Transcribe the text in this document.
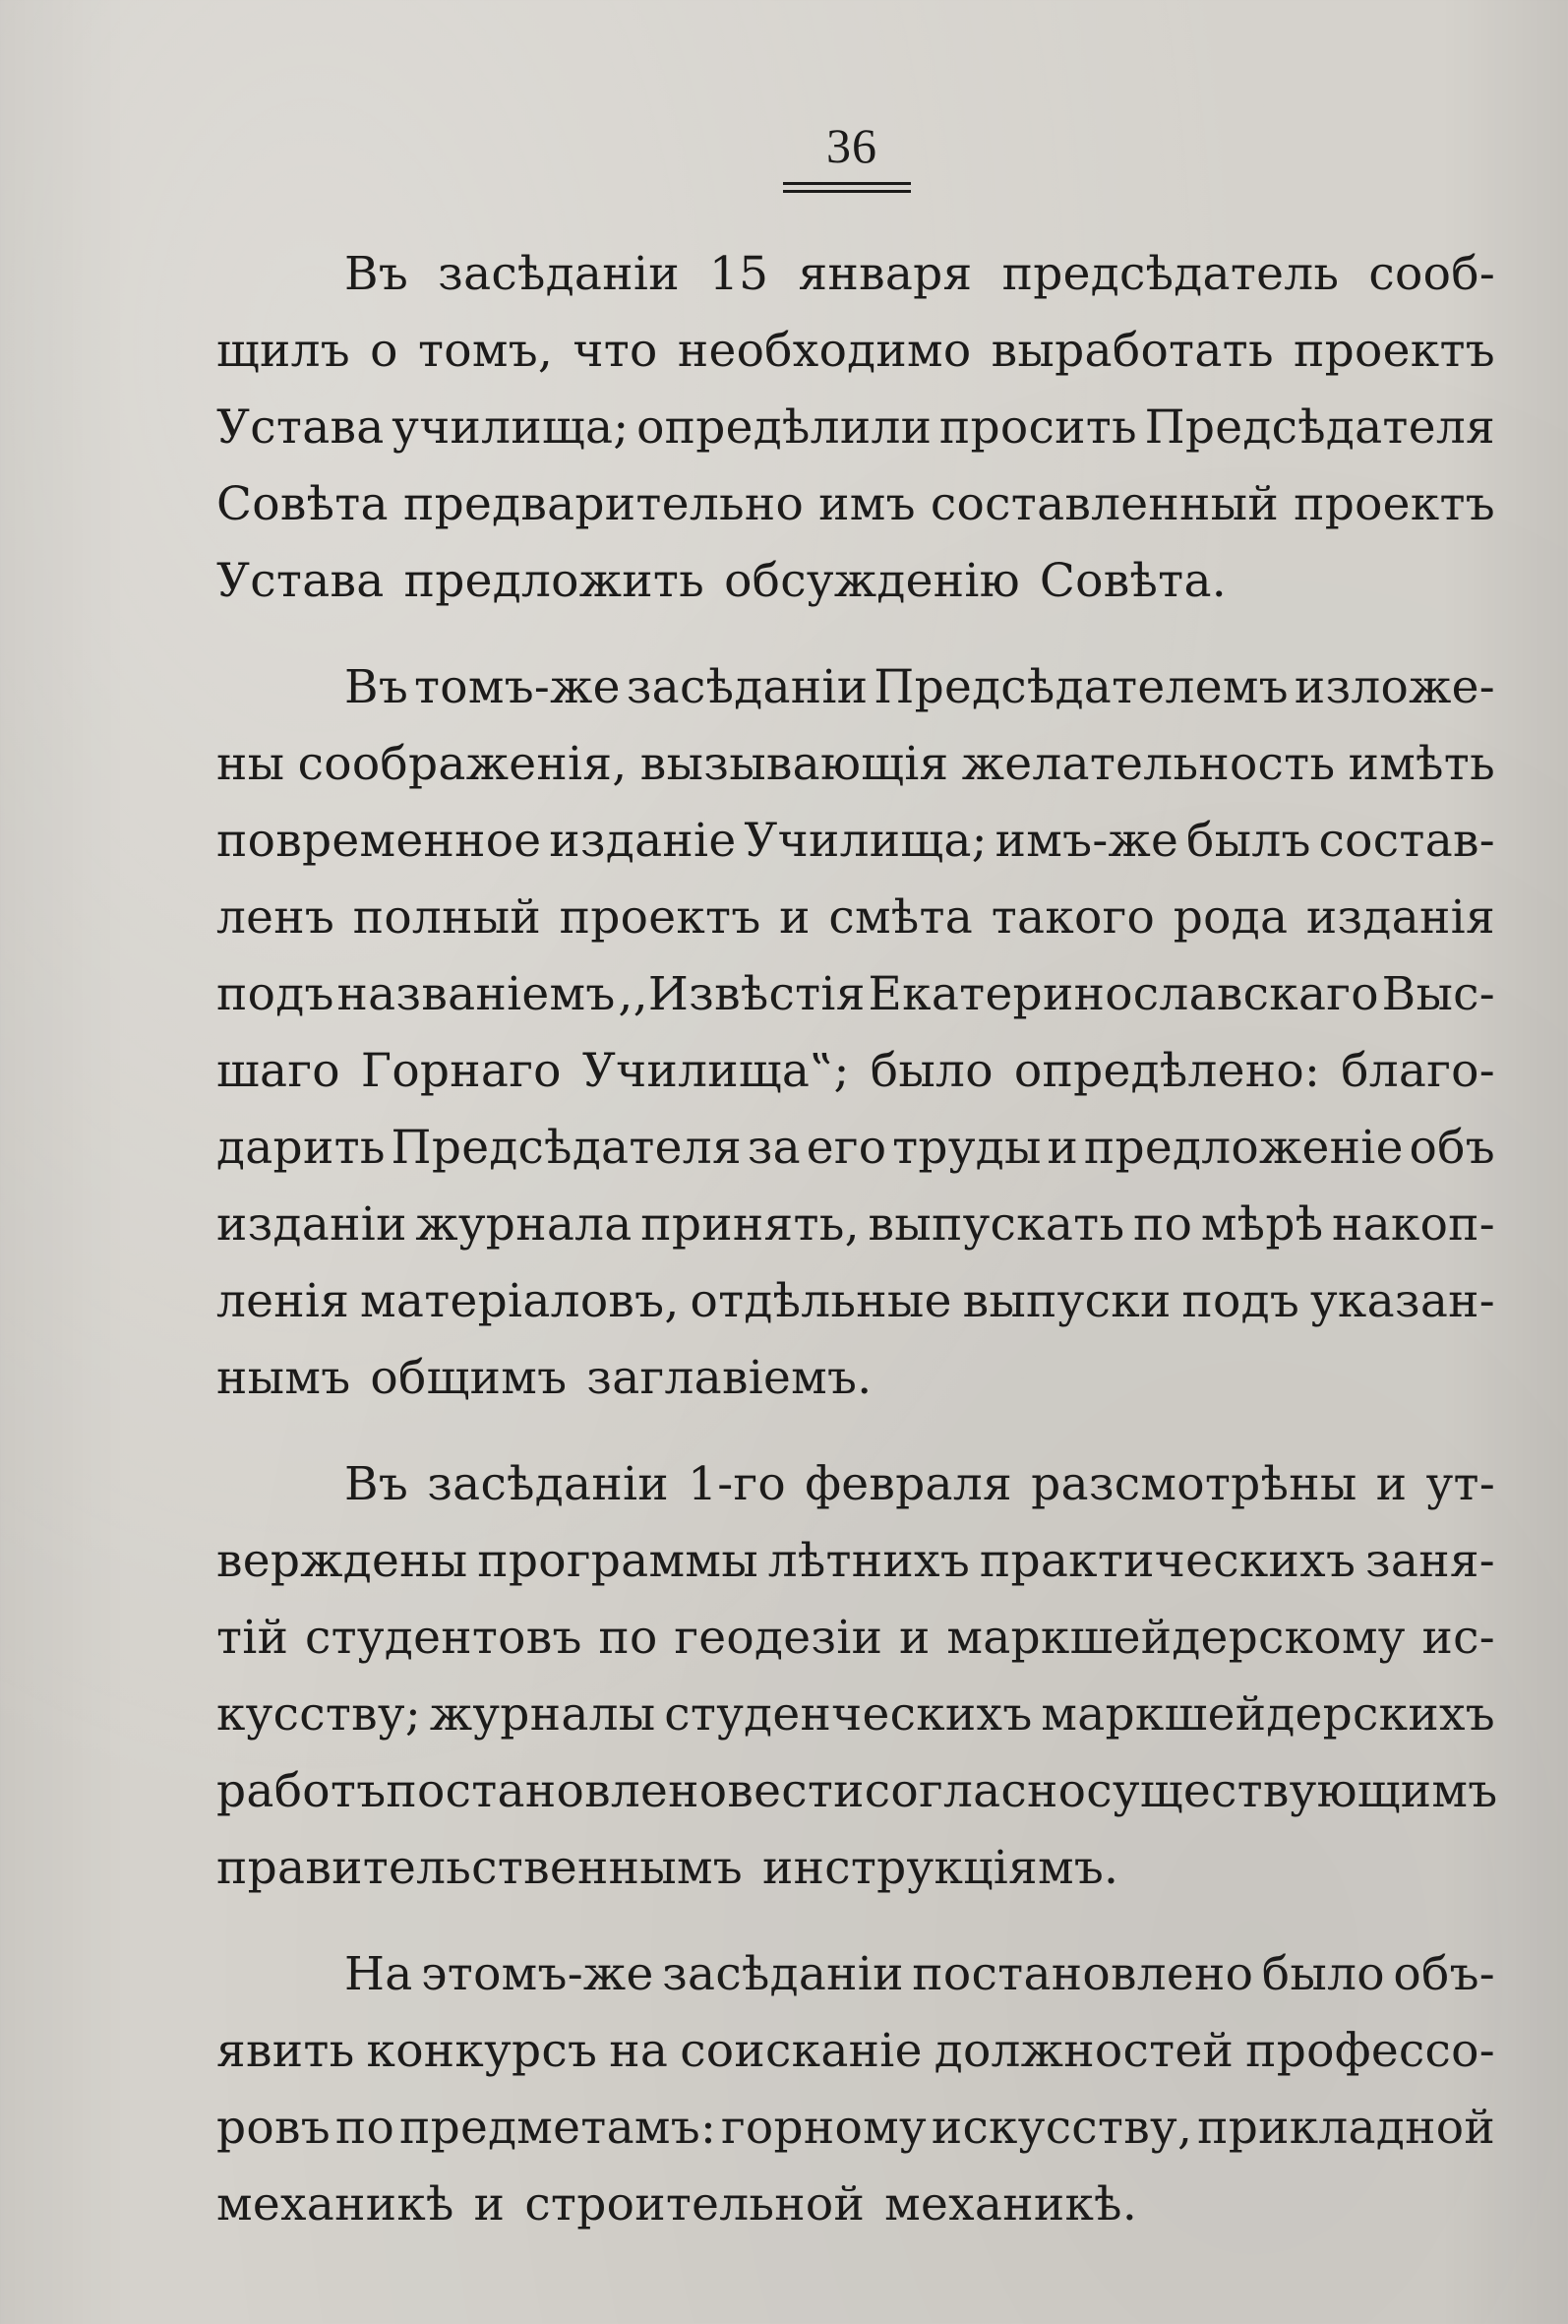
36
Въ засѣданiи 15 января предсѣдатель сооб-
щилъ о томъ, что необходимо выработать проектъ
Устава училища; опредѣлили просить Предсѣдателя
Совѣта предварительно имъ составленный проектъ
Устава предложить обсужденiю Совѣта.
Въ томъ-же засѣданiи Предсѣдателемъ изложе-
ны соображенiя, вызывающiя желательность имѣть
повременное изданiе Училища; имъ-же былъ состав-
ленъ полный проектъ и смѣта такого рода изданiя
подъ названiемъ ,,Извѣстiя Екатеринославскаго Выс-
шаго Горнаго Училища‟; было опредѣлено: благо-
дарить Предсѣдателя за его труды и предложенiе объ
изданiи журнала принять, выпускать по мѣрѣ накоп-
ленiя матерiаловъ, отдѣльные выпуски подъ указан-
нымъ общимъ заглавiемъ.
Въ засѣданiи 1-го февраля разсмотрѣны и ут-
верждены программы лѣтнихъ практическихъ заня-
тiй студентовъ по геодезiи и маркшейдерскому ис-
кусству; журналы студенческихъ маркшейдерскихъ
работъ постановлено вести согласно существующимъ
правительственнымъ инструкцiямъ.
На этомъ-же засѣданiи постановлено было объ-
явить конкурсъ на соисканiе должностей профессо-
ровъ по предметамъ: горному искусству, прикладной
механикѣ и строительной механикѣ.
